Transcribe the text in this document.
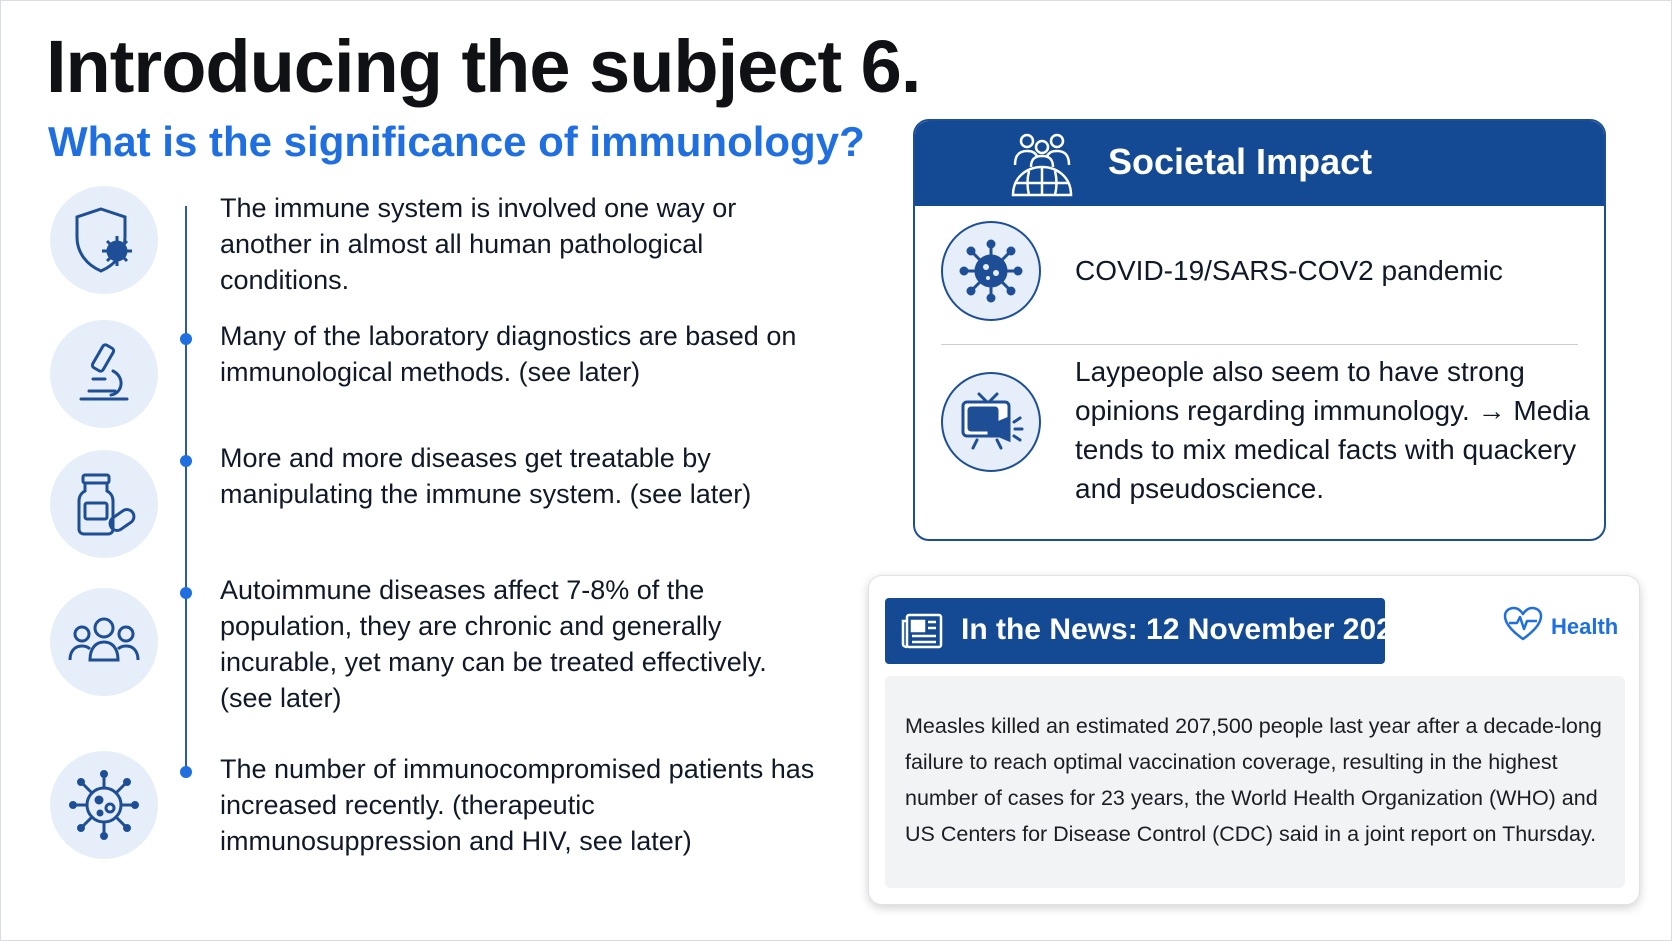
Introducing the subject 6.
What is the significance of immunology?
The immune system is involved one way or another in almost all human pathological conditions.
Many of the laboratory diagnostics are based on immunological methods. (see later)
More and more diseases get treatable by manipulating the immune system. (see later)
Autoimmune diseases affect 7-8% of the population, they are chronic and generally incurable, yet many can be treated effectively. (see later)
The number of immunocompromised patients has increased recently. (therapeutic immunosuppression and HIV, see later)
Societal Impact
COVID-19/SARS-COV2 pandemic
Laypeople also seem to have strong opinions regarding immunology. → Media tends to mix medical facts with quackery and pseudoscience.
In the News: 12 November 2020	Health
Measles killed an estimated 207,500 people last year after a decade-long failure to reach optimal vaccination coverage, resulting in the highest number of cases for 23 years, the World Health Organization (WHO) and US Centers for Disease Control (CDC) said in a joint report on Thursday.
